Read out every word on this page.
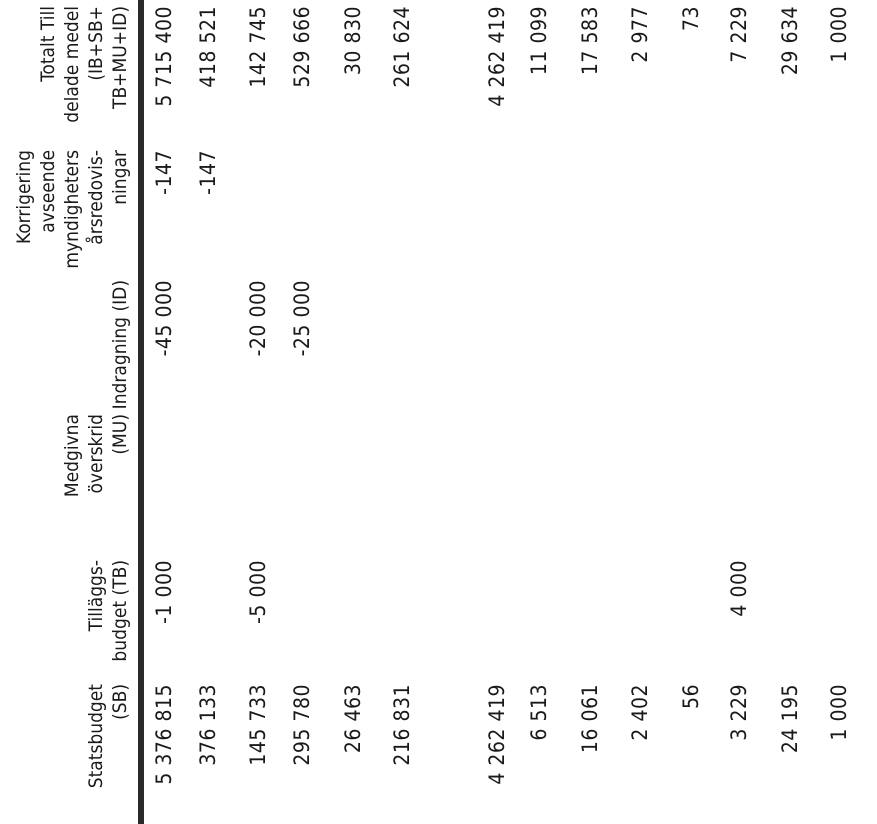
Statsbudget (SB)
Tilläggs- budget (TB)
Medgivna överskrid (MU)
Indragning (ID)
Korrigering avseende myndigheters årsredovis- ningar
Totalt Till delade medel (IB+SB+ TB+MU+ID)
5 376 815
-1 000
-45 000
-147
5 715 400
376 133
-147
418 521
145 733
-5 000
-20 000
142 745
295 780
-25 000
529 666
26 463
30 830
216 831
261 624
4 262 419
4 262 419
6 513
11 099
16 061
17 583
2 402
2 977
56
73
3 229
4 000
7 229
24 195
29 634
1 000
1 000
